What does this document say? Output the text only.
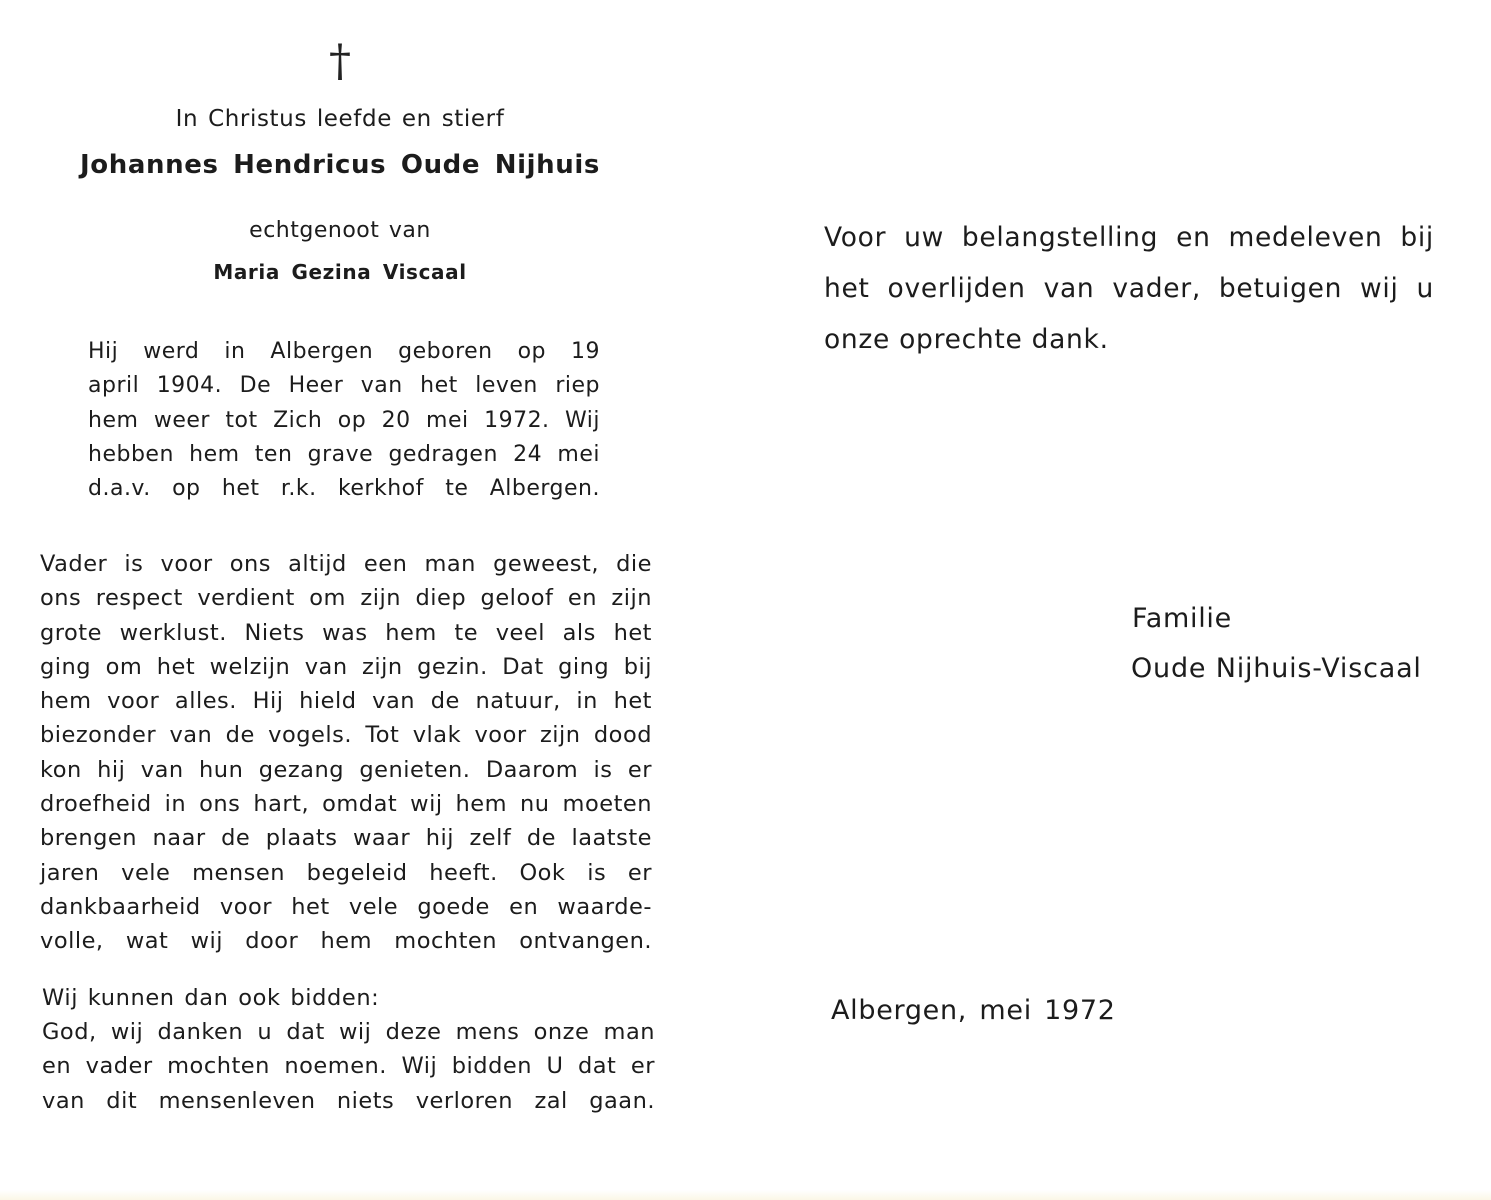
†
In Christus leefde en stierf
Johannes Hendricus Oude Nijhuis
echtgenoot van
Maria Gezina Viscaal
Hij werd in Albergen geboren op 19
april 1904. De Heer van het leven riep
hem weer tot Zich op 20 mei 1972. Wij
hebben hem ten grave gedragen 24 mei
d.a.v. op het r.k. kerkhof te Albergen.
Vader is voor ons altijd een man geweest, die
ons respect verdient om zijn diep geloof en zijn
grote werklust. Niets was hem te veel als het
ging om het welzijn van zijn gezin. Dat ging bij
hem voor alles. Hij hield van de natuur, in het
biezonder van de vogels. Tot vlak voor zijn dood
kon hij van hun gezang genieten. Daarom is er
droefheid in ons hart, omdat wij hem nu moeten
brengen naar de plaats waar hij zelf de laatste
jaren vele mensen begeleid heeft. Ook is er
dankbaarheid voor het vele goede en waarde-
volle, wat wij door hem mochten ontvangen.
Wij kunnen dan ook bidden:
God, wij danken u dat wij deze mens onze man
en vader mochten noemen. Wij bidden U dat er
van dit mensenleven niets verloren zal gaan.
Voor uw belangstelling en medeleven bij
het overlijden van vader, betuigen wij u
onze oprechte dank.
Familie
Oude Nijhuis-Viscaal
Albergen, mei 1972
